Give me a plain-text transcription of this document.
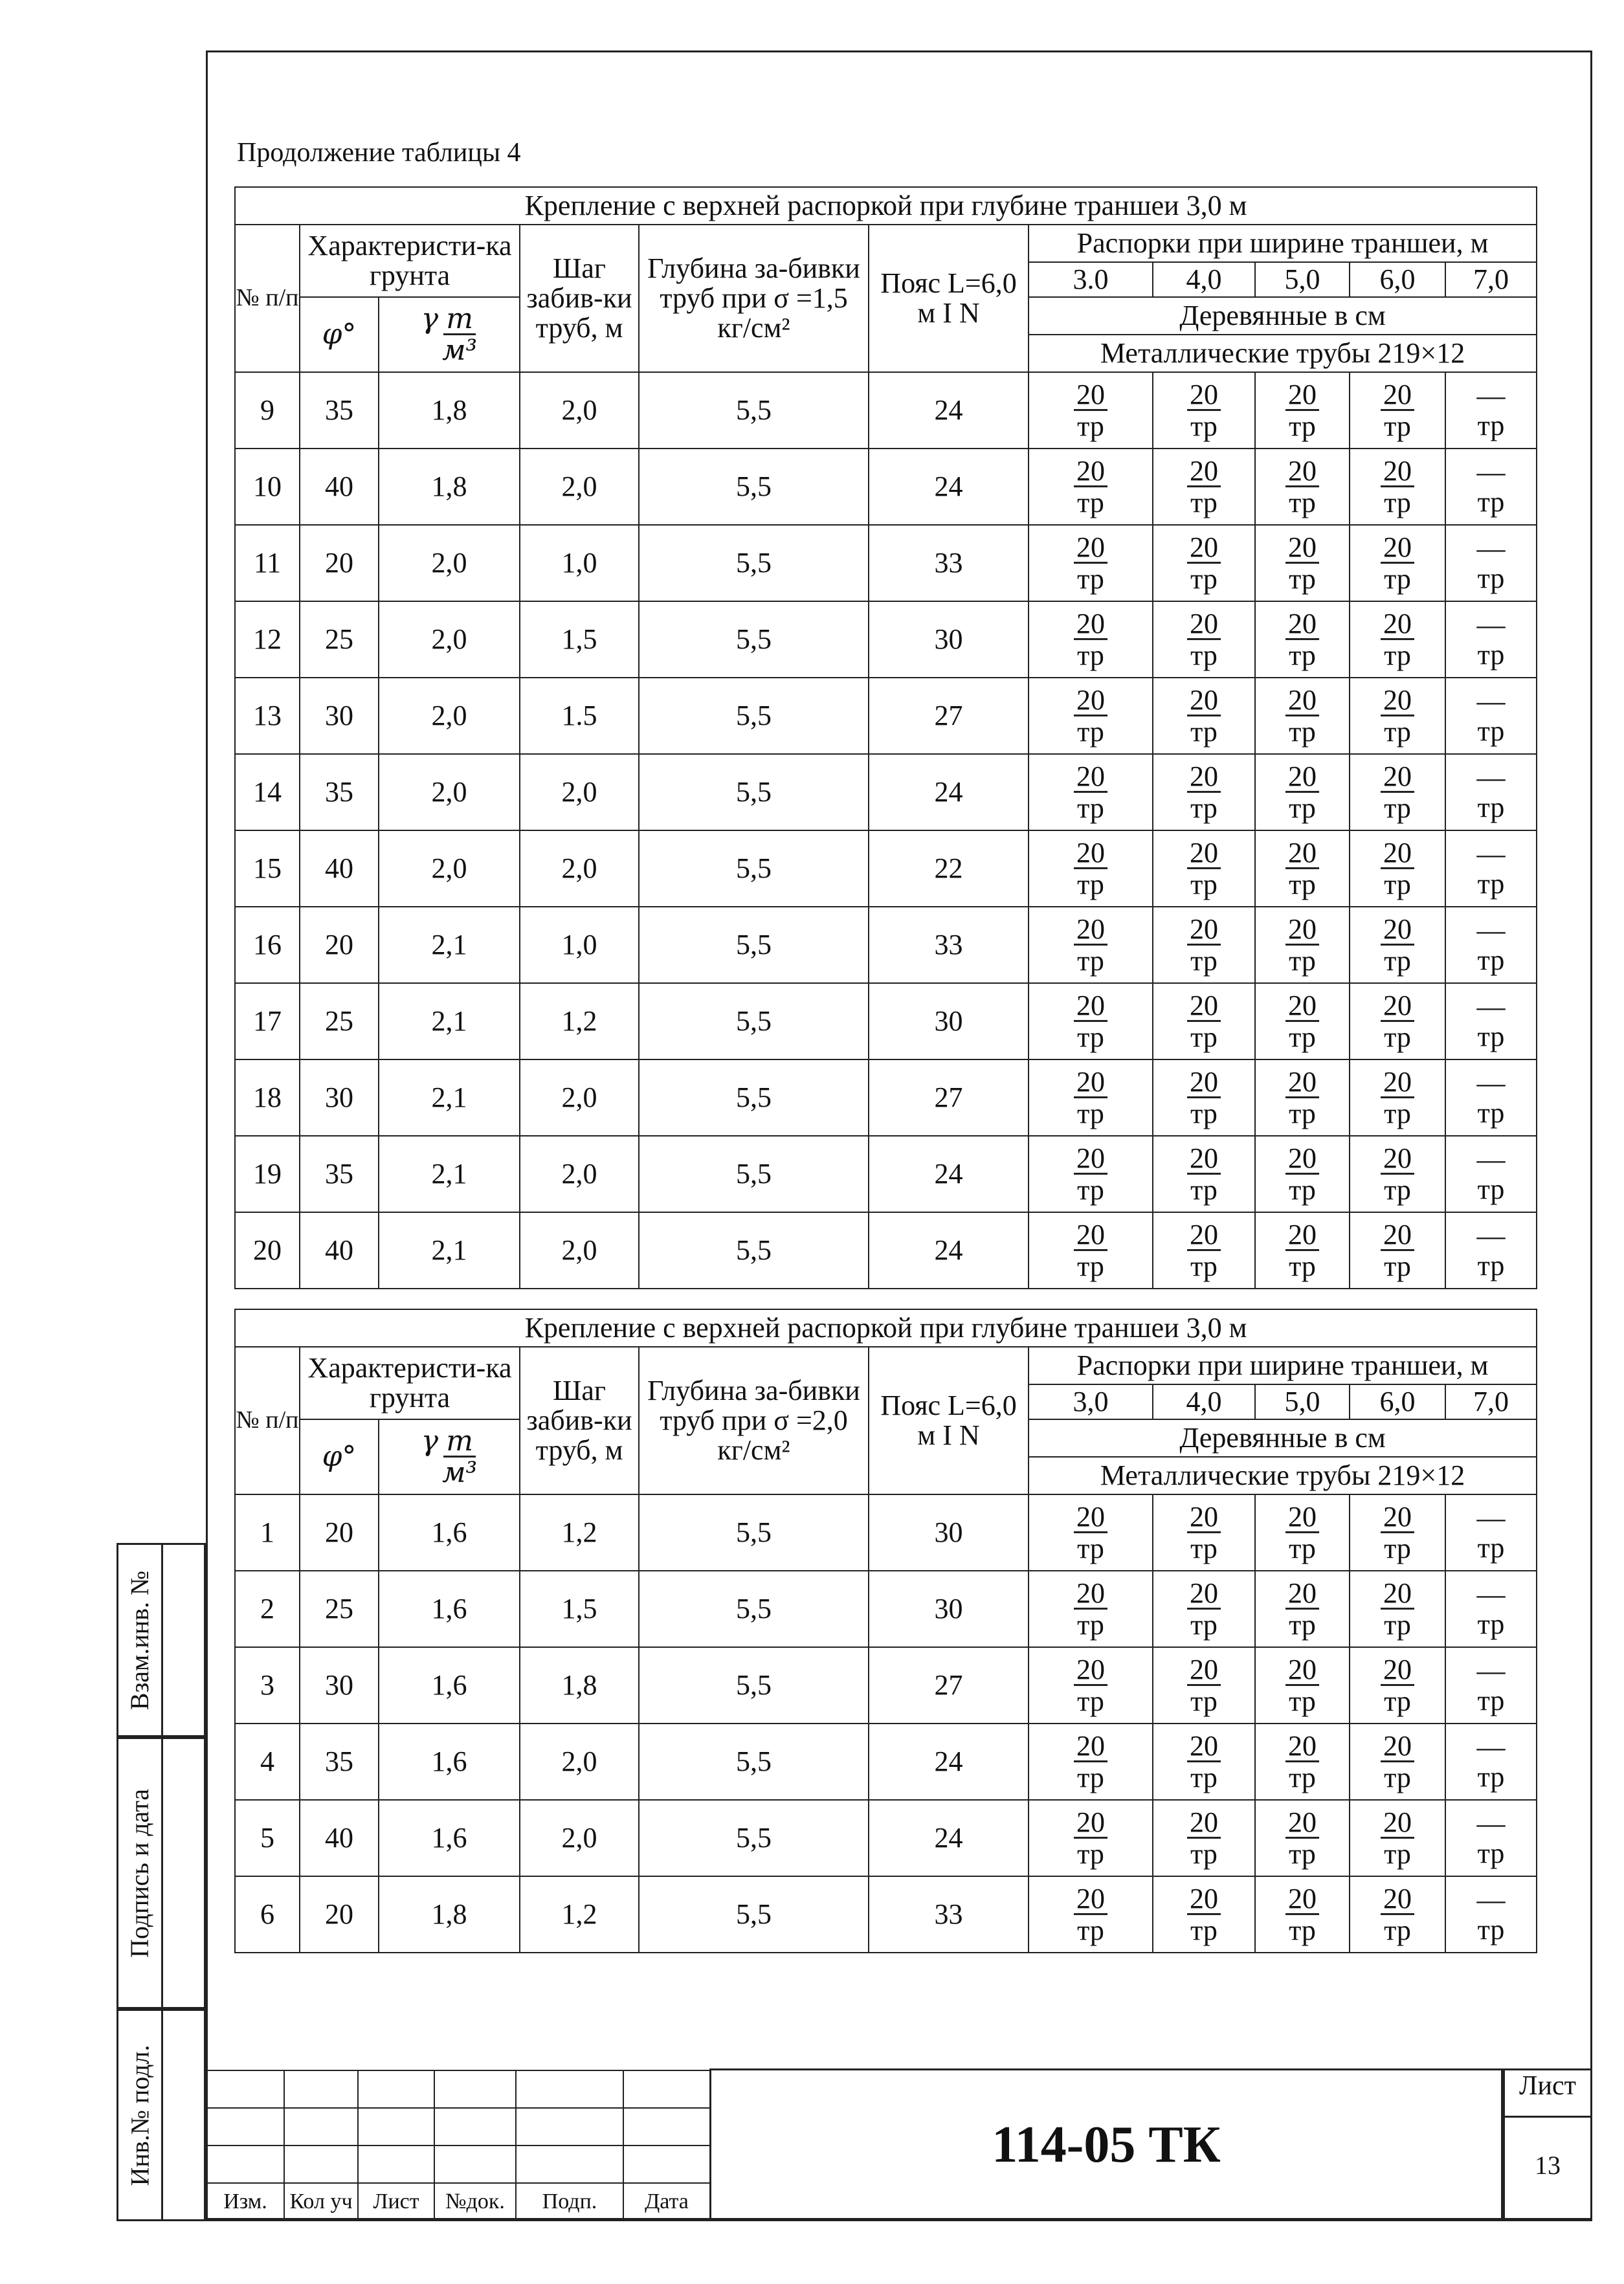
Продолжение таблицы 4
Крепление с верхней распоркой при глубине траншеи 3,0 м										
№ п/п	Характеристи-ка грунта		Шаг забив-ки труб, м	Глубина за-бивки труб при σ =1,5 кг/см²	Пояс L=6,0 м I N	Распорки при ширине траншеи, м				
						3.0	4,0	5,0	6,0	7,0
	φ°	γ $\frac{т}{\text{м³}}$				Деревянные в см				
						Металлические трубы 219×12				
9	35	1,8	2,0	5,5	24	$\frac{20}{тр}$	$\frac{20}{тр}$	$\frac{20}{тр}$	$\frac{20}{тр}$	—
тр

10	40	1,8	2,0	5,5	24	$\frac{20}{тр}$	$\frac{20}{тр}$	$\frac{20}{тр}$	$\frac{20}{тр}$	—
тр

11	20	2,0	1,0	5,5	33	$\frac{20}{тр}$	$\frac{20}{тр}$	$\frac{20}{тр}$	$\frac{20}{тр}$	—
тр

12	25	2,0	1,5	5,5	30	$\frac{20}{тр}$	$\frac{20}{тр}$	$\frac{20}{тр}$	$\frac{20}{тр}$	—
тр

13	30	2,0	1.5	5,5	27	$\frac{20}{тр}$	$\frac{20}{тр}$	$\frac{20}{тр}$	$\frac{20}{тр}$	—
тр

14	35	2,0	2,0	5,5	24	$\frac{20}{тр}$	$\frac{20}{тр}$	$\frac{20}{тр}$	$\frac{20}{тр}$	—
тр

15	40	2,0	2,0	5,5	22	$\frac{20}{тр}$	$\frac{20}{тр}$	$\frac{20}{тр}$	$\frac{20}{тр}$	—
тр

16	20	2,1	1,0	5,5	33	$\frac{20}{тр}$	$\frac{20}{тр}$	$\frac{20}{тр}$	$\frac{20}{тр}$	—
тр

17	25	2,1	1,2	5,5	30	$\frac{20}{тр}$	$\frac{20}{тр}$	$\frac{20}{тр}$	$\frac{20}{тр}$	—
тр

18	30	2,1	2,0	5,5	27	$\frac{20}{тр}$	$\frac{20}{тр}$	$\frac{20}{тр}$	$\frac{20}{тр}$	—
тр

19	35	2,1	2,0	5,5	24	$\frac{20}{тр}$	$\frac{20}{тр}$	$\frac{20}{тр}$	$\frac{20}{тр}$	—
тр

20	40	2,1	2,0	5,5	24	$\frac{20}{тр}$	$\frac{20}{тр}$	$\frac{20}{тр}$	$\frac{20}{тр}$	—
тр
Крепление с верхней распоркой при глубине траншеи 3,0 м										
№ п/п	Характеристи-ка грунта		Шаг забив-ки труб, м	Глубина за-бивки труб при σ =2,0 кг/см²	Пояс L=6,0 м I N	Распорки при ширине траншеи, м				
						3,0	4,0	5,0	6,0	7,0
	φ°	γ $\frac{т}{\text{м³}}$				Деревянные в см				
						Металлические трубы 219×12				
1	20	1,6	1,2	5,5	30	$\frac{20}{тр}$	$\frac{20}{тр}$	$\frac{20}{тр}$	$\frac{20}{тр}$	—
тр

2	25	1,6	1,5	5,5	30	$\frac{20}{тр}$	$\frac{20}{тр}$	$\frac{20}{тр}$	$\frac{20}{тр}$	—
тр

3	30	1,6	1,8	5,5	27	$\frac{20}{тр}$	$\frac{20}{тр}$	$\frac{20}{тр}$	$\frac{20}{тр}$	—
тр

4	35	1,6	2,0	5,5	24	$\frac{20}{тр}$	$\frac{20}{тр}$	$\frac{20}{тр}$	$\frac{20}{тр}$	—
тр

5	40	1,6	2,0	5,5	24	$\frac{20}{тр}$	$\frac{20}{тр}$	$\frac{20}{тр}$	$\frac{20}{тр}$	—
тр

6	20	1,8	1,2	5,5	33	$\frac{20}{тр}$	$\frac{20}{тр}$	$\frac{20}{тр}$	$\frac{20}{тр}$	—
тр
Взам.инв. №
Подпись и дата
Инв.№ подл.

Изм.	Кол уч	Лист	№док.	Подп.	Дата
114-05 ТК
Лист
13
